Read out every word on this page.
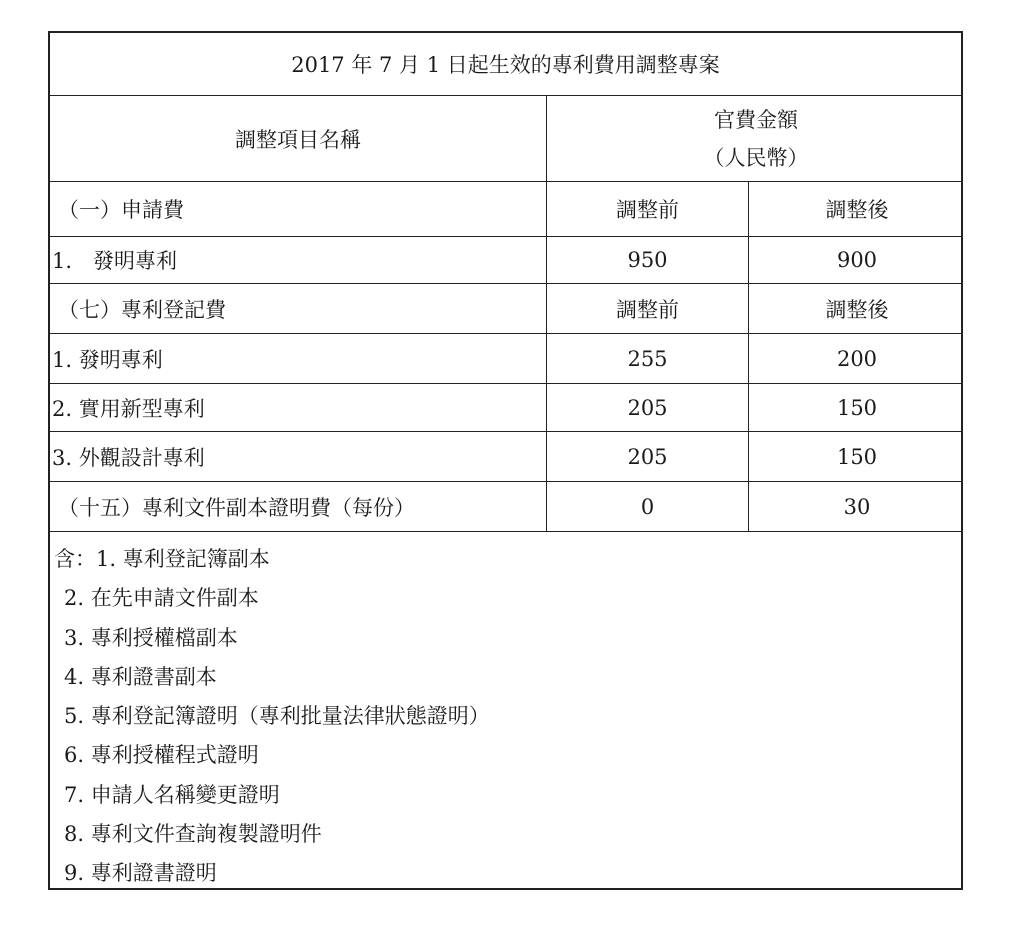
2017 年 7 月 1 日起生效的專利費用調整專案
調整項目名稱
官費金額
（人民幣）
（一）申請費	調整前	調整後
1.　發明專利	950	900
（七）專利登記費	調整前	調整後
1. 發明專利	255	200
2. 實用新型專利	205	150
3. 外觀設計專利	205	150
（十五）專利文件副本證明費（每份）	0	30
含：1. 專利登記簿副本
2. 在先申請文件副本
3. 專利授權檔副本
4. 專利證書副本
5. 專利登記簿證明（專利批量法律狀態證明）
6. 專利授權程式證明
7. 申請人名稱變更證明
8. 專利文件查詢複製證明件
9. 專利證書證明
